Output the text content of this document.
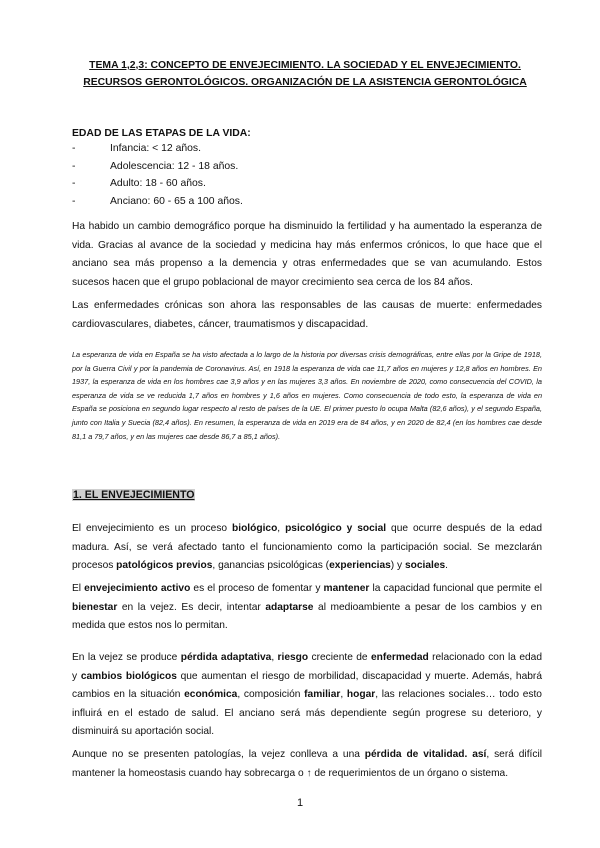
TEMA 1,2,3: CONCEPTO DE ENVEJECIMIENTO. LA SOCIEDAD Y EL ENVEJECIMIENTO. RECURSOS GERONTOLÓGICOS. ORGANIZACIÓN DE LA ASISTENCIA GERONTOLÓGICA

EDAD DE LAS ETAPAS DE LA VIDA:

-	Infancia: < 12 años.
-	Adolescencia: 12 - 18 años.
-	Adulto: 18 - 60 años.
-	Anciano: 60 - 65 a 100 años.

Ha habido un cambio demográfico porque ha disminuido la fertilidad y ha aumentado la esperanza de vida. Gracias al avance de la sociedad y medicina hay más enfermos crónicos, lo que hace que el anciano sea más propenso a la demencia y otras enfermedades que se van acumulando. Estos sucesos hacen que el grupo poblacional de mayor crecimiento sea cerca de los 84 años.

Las enfermedades crónicas son ahora las responsables de las causas de muerte: enfermedades cardiovasculares, diabetes, cáncer, traumatismos y discapacidad.

La esperanza de vida en España se ha visto afectada a lo largo de la historia por diversas crisis demográficas, entre ellas por la Gripe de 1918, por la Guerra Civil y por la pandemia de Coronavirus. Así, en 1918 la esperanza de vida cae 11,7 años en mujeres y 12,8 años en hombres. En 1937, la esperanza de vida en los hombres cae 3,9 años y en las mujeres 3,3 años. En noviembre de 2020, como consecuencia del COVID, la esperanza de vida se ve reducida 1,7 años en hombres y 1,6 años en mujeres. Como consecuencia de todo esto, la esperanza de vida en España se posiciona en segundo lugar respecto al resto de países de la UE. El primer puesto lo ocupa Malta (82,6 años), y el segundo España, junto con Italia y Suecia (82,4 años). En resumen, la esperanza de vida en 2019 era de 84 años, y en 2020 de 82,4 (en los hombres cae desde 81,1 a 79,7 años, y en las mujeres cae desde 86,7 a 85,1 años).

1. EL ENVEJECIMIENTO

El envejecimiento es un proceso biológico, psicológico y social que ocurre después de la edad madura. Así, se verá afectado tanto el funcionamiento como la participación social. Se mezclarán procesos patológicos previos, ganancias psicológicas (experiencias) y sociales.

El envejecimiento activo es el proceso de fomentar y mantener la capacidad funcional que permite el bienestar en la vejez. Es decir, intentar adaptarse al medioambiente a pesar de los cambios y en medida que estos nos lo permitan.

En la vejez se produce pérdida adaptativa, riesgo creciente de enfermedad relacionado con la edad y cambios biológicos que aumentan el riesgo de morbilidad, discapacidad y muerte. Además, habrá cambios en la situación económica, composición familiar, hogar, las relaciones sociales… todo esto influirá en el estado de salud. El anciano será más dependiente según progrese su deterioro, y disminuirá su aportación social.

Aunque no se presenten patologías, la vejez conlleva a una pérdida de vitalidad. así, será difícil mantener la homeostasis cuando hay sobrecarga o ↑ de requerimientos de un órgano o sistema.

1
